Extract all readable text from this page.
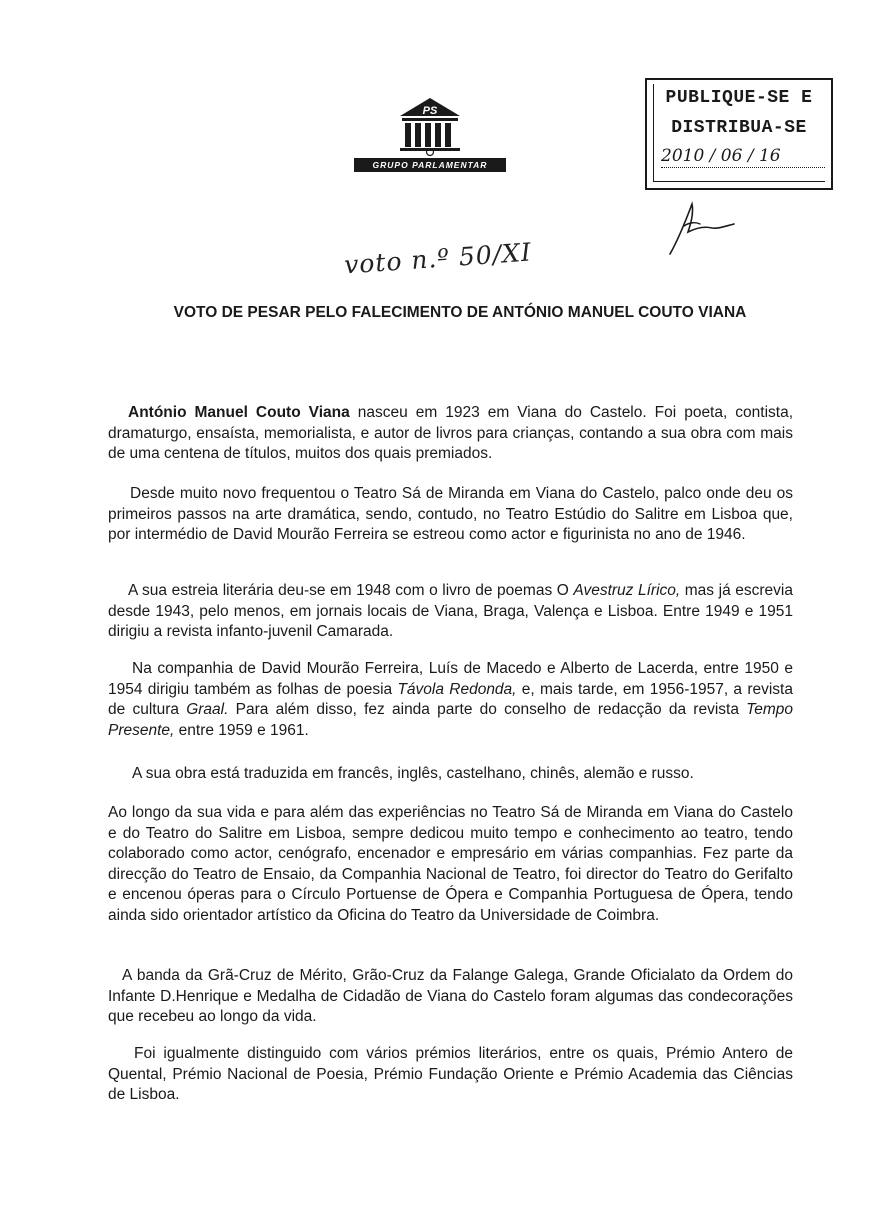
PS
GRUPO PARLAMENTAR
PUBLIQUE-SE E
DISTRIBUA-SE
2010 / 06 / 16
voto n.º 50/XI
VOTO DE PESAR PELO FALECIMENTO DE ANTÓNIO MANUEL COUTO VIANA

António Manuel Couto Viana nasceu em 1923 em Viana do Castelo. Foi poeta, contista, dramaturgo, ensaísta, memorialista, e autor de livros para crianças, contando a sua obra com mais de uma centena de títulos, muitos dos quais premiados.

Desde muito novo frequentou o Teatro Sá de Miranda em Viana do Castelo, palco onde deu os primeiros passos na arte dramática, sendo, contudo, no Teatro Estúdio do Salitre em Lisboa que, por intermédio de David Mourão Ferreira se estreou como actor e figurinista no ano de 1946.

A sua estreia literária deu-se em 1948 com o livro de poemas O Avestruz Lírico, mas já escrevia desde 1943, pelo menos, em jornais locais de Viana, Braga, Valença e Lisboa. Entre 1949 e 1951 dirigiu a revista infanto-juvenil Camarada.

Na companhia de David Mourão Ferreira, Luís de Macedo e Alberto de Lacerda, entre 1950 e 1954 dirigiu também as folhas de poesia Távola Redonda, e, mais tarde, em 1956-1957, a revista de cultura Graal. Para além disso, fez ainda parte do conselho de redacção da revista Tempo Presente, entre 1959 e 1961.

A sua obra está traduzida em francês, inglês, castelhano, chinês, alemão e russo.

Ao longo da sua vida e para além das experiências no Teatro Sá de Miranda em Viana do Castelo e do Teatro do Salitre em Lisboa, sempre dedicou muito tempo e conhecimento ao teatro, tendo colaborado como actor, cenógrafo, encenador e empresário em várias companhias. Fez parte da direcção do Teatro de Ensaio, da Companhia Nacional de Teatro, foi director do Teatro do Gerifalto e encenou óperas para o Círculo Portuense de Ópera e Companhia Portuguesa de Ópera, tendo ainda sido orientador artístico da Oficina do Teatro da Universidade de Coimbra.

A banda da Grã-Cruz de Mérito, Grão-Cruz da Falange Galega, Grande Oficialato da Ordem do Infante D.Henrique e Medalha de Cidadão de Viana do Castelo foram algumas das condecorações que recebeu ao longo da vida.

Foi igualmente distinguido com vários prémios literários, entre os quais, Prémio Antero de Quental, Prémio Nacional de Poesia, Prémio Fundação Oriente e Prémio Academia das Ciências de Lisboa.
